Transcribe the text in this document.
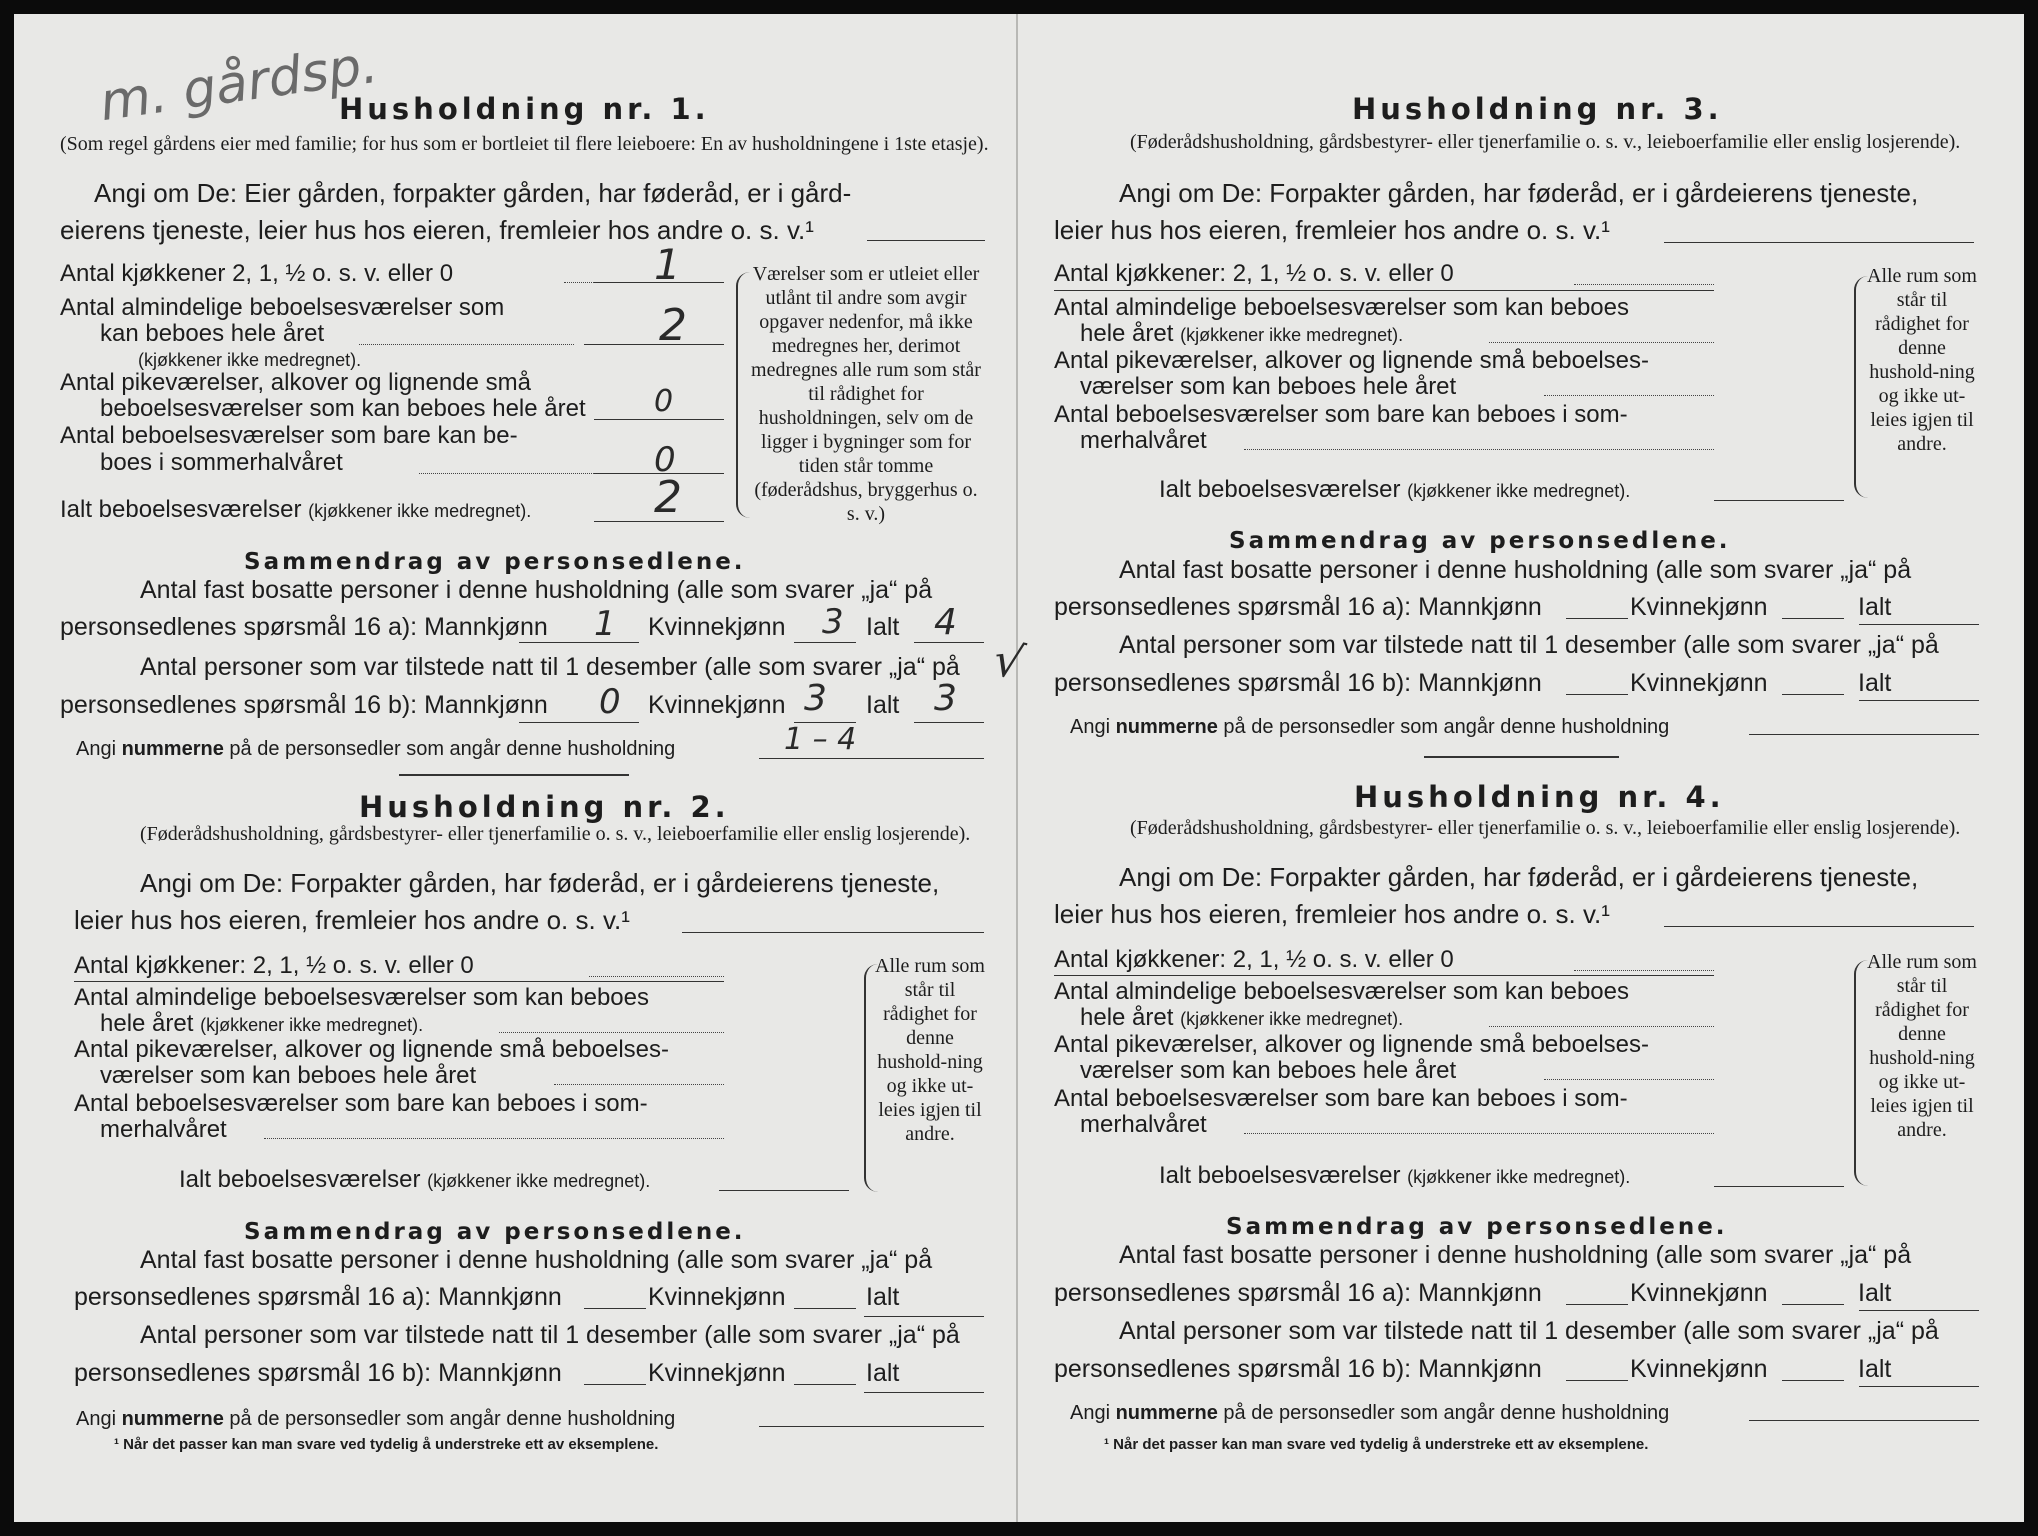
m. gårdsp.
Husholdning nr. 1.
(Som regel gårdens eier med familie; for hus som er bortleiet til flere leieboere: En av husholdningene i 1ste etasje).
Angi om De: Eier gården, forpakter gården, har føderåd, er i gård-
eierens tjeneste, leier hus hos eieren, fremleier hos andre o. s. v.¹
Antal kjøkkener 2, 1, ½ o. s. v. eller 0	1
Antal almindelige beboelsesværelser som
kan beboes hele året	2
(kjøkkener ikke medregnet).
Antal pikeværelser, alkover og lignende små
beboelsesværelser som kan beboes hele året 0
Antal beboelsesværelser som bare kan be-
boes i sommerhalvåret	0
Ialt beboelsesværelser (kjøkkener ikke medregnet).	2
Værelser som er utleiet eller utlånt til andre som avgir opgaver nedenfor, må ikke medregnes her, derimot medregnes alle rum som står til rådighet for husholdningen, selv om de ligger i bygninger som for tiden står tomme (føderådshus, bryggerhus o. s. v.)
Sammendrag av personsedlene.
Antal fast bosatte personer i denne husholdning (alle som svarer „ja“ på
personsedlenes spørsmål 16 a): Mannkjønn 1 Kvinnekjønn 3 Ialt 4
Antal personer som var tilstede natt til 1 desember (alle som svarer „ja“ på
personsedlenes spørsmål 16 b): Mannkjønn 0 Kvinnekjønn 3 Ialt 3
√
Angi nummerne på de personsedler som angår denne husholdning	1 – 4
Husholdning nr. 2.
(Føderådshusholdning, gårdsbestyrer- eller tjenerfamilie o. s. v., leieboerfamilie eller enslig losjerende).
Angi om De: Forpakter gården, har føderåd, er i gårdeierens tjeneste,
leier hus hos eieren, fremleier hos andre o. s. v.¹
Antal kjøkkener: 2, 1, ½ o. s. v. eller 0
Antal almindelige beboelsesværelser som kan beboes
hele året (kjøkkener ikke medregnet).
Antal pikeværelser, alkover og lignende små beboelses-
værelser som kan beboes hele året
Antal beboelsesværelser som bare kan beboes i som-
merhalvåret
Ialt beboelsesværelser (kjøkkener ikke medregnet).
Alle rum som står til rådighet for denne hushold-ning og ikke ut-leies igjen til andre.
Sammendrag av personsedlene.
Antal fast bosatte personer i denne husholdning (alle som svarer „ja“ på
personsedlenes spørsmål 16 a): Mannkjønn	Kvinnekjønn	Ialt
Antal personer som var tilstede natt til 1 desember (alle som svarer „ja“ på
personsedlenes spørsmål 16 b): Mannkjønn	Kvinnekjønn	Ialt
Angi nummerne på de personsedler som angår denne husholdning
¹ Når det passer kan man svare ved tydelig å understreke ett av eksemplene.
Husholdning nr. 3.
(Føderådshusholdning, gårdsbestyrer- eller tjenerfamilie o. s. v., leieboerfamilie eller enslig losjerende).
Angi om De: Forpakter gården, har føderåd, er i gårdeierens tjeneste,
leier hus hos eieren, fremleier hos andre o. s. v.¹
Antal kjøkkener: 2, 1, ½ o. s. v. eller 0
Antal almindelige beboelsesværelser som kan beboes
hele året (kjøkkener ikke medregnet).
Antal pikeværelser, alkover og lignende små beboelses-
værelser som kan beboes hele året
Antal beboelsesværelser som bare kan beboes i som-
merhalvåret
Ialt beboelsesværelser (kjøkkener ikke medregnet).
Alle rum som står til rådighet for denne hushold-ning og ikke ut-leies igjen til andre.
Sammendrag av personsedlene.
Antal fast bosatte personer i denne husholdning (alle som svarer „ja“ på
personsedlenes spørsmål 16 a): Mannkjønn	Kvinnekjønn	Ialt
Antal personer som var tilstede natt til 1 desember (alle som svarer „ja“ på
personsedlenes spørsmål 16 b): Mannkjønn	Kvinnekjønn	Ialt
Angi nummerne på de personsedler som angår denne husholdning
Husholdning nr. 4.
(Føderådshusholdning, gårdsbestyrer- eller tjenerfamilie o. s. v., leieboerfamilie eller enslig losjerende).
Angi om De: Forpakter gården, har føderåd, er i gårdeierens tjeneste,
leier hus hos eieren, fremleier hos andre o. s. v.¹
Antal kjøkkener: 2, 1, ½ o. s. v. eller 0
Antal almindelige beboelsesværelser som kan beboes
hele året (kjøkkener ikke medregnet).
Antal pikeværelser, alkover og lignende små beboelses-
værelser som kan beboes hele året
Antal beboelsesværelser som bare kan beboes i som-
merhalvåret
Ialt beboelsesværelser (kjøkkener ikke medregnet).
Alle rum som står til rådighet for denne hushold-ning og ikke ut-leies igjen til andre.
Sammendrag av personsedlene.
Antal fast bosatte personer i denne husholdning (alle som svarer „ja“ på
personsedlenes spørsmål 16 a): Mannkjønn	Kvinnekjønn	Ialt
Antal personer som var tilstede natt til 1 desember (alle som svarer „ja“ på
personsedlenes spørsmål 16 b): Mannkjønn	Kvinnekjønn	Ialt
Angi nummerne på de personsedler som angår denne husholdning
¹ Når det passer kan man svare ved tydelig å understreke ett av eksemplene.
